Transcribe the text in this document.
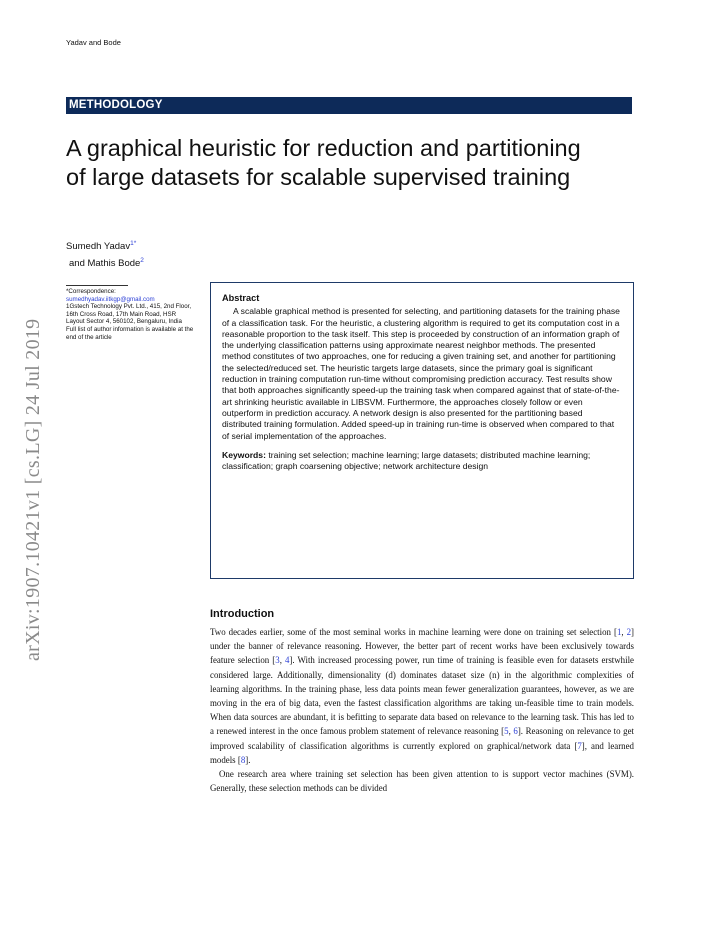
Yadav and Bode
METHODOLOGY
A graphical heuristic for reduction and partitioning of large datasets for scalable supervised training
Sumedh Yadav$^{1*}$
and Mathis Bode$^2$
*Correspondence:
sumedhyadav.iitkgp@gmail.com
1Gstech Technology Pvt. Ltd., 415, 2nd Floor, 16th Cross Road, 17th Main Road, HSR Layout Sector 4, 560102, Bengaluru, India
Full list of author information is available at the end of the article
arXiv:1907.10421v1 [cs.LG] 24 Jul 2019
Abstract
A scalable graphical method is presented for selecting, and partitioning datasets for the training phase of a classification task. For the heuristic, a clustering algorithm is required to get its computation cost in a reasonable proportion to the task itself. This step is proceeded by construction of an information graph of the underlying classification patterns using approximate nearest neighbor methods. The presented method constitutes of two approaches, one for reducing a given training set, and another for partitioning the selected/reduced set. The heuristic targets large datasets, since the primary goal is significant reduction in training computation run-time without compromising prediction accuracy. Test results show that both approaches significantly speed-up the training task when compared against that of state-of-the-art shrinking heuristic available in LIBSVM. Furthermore, the approaches closely follow or even outperform in prediction accuracy. A network design is also presented for the partitioning based distributed training formulation. Added speed-up in training run-time is observed when compared to that of serial implementation of the approaches.
Keywords: training set selection; machine learning; large datasets; distributed machine learning; classification; graph coarsening objective; network architecture design
Introduction

Two decades earlier, some of the most seminal works in machine learning were done on training set selection [1, 2] under the banner of relevance reasoning. However, the better part of recent works have been exclusively towards feature selection [3, 4]. With increased processing power, run time of training is feasible even for datasets erstwhile considered large. Additionally, dimensionality (d) dominates dataset size (n) in the algorithmic complexities of learning algorithms. In the training phase, less data points mean fewer generalization guarantees, however, as we are moving in the era of big data, even the fastest classification algorithms are taking un-feasible time to train models. When data sources are abundant, it is befitting to separate data based on relevance to the learning task. This has led to a renewed interest in the once famous problem statement of relevance reasoning [5, 6]. Reasoning on relevance to get improved scalability of classification algorithms is currently explored on graphical/network data [7], and learned models [8].

One research area where training set selection has been given attention to is support vector machines (SVM). Generally, these selection methods can be divided
